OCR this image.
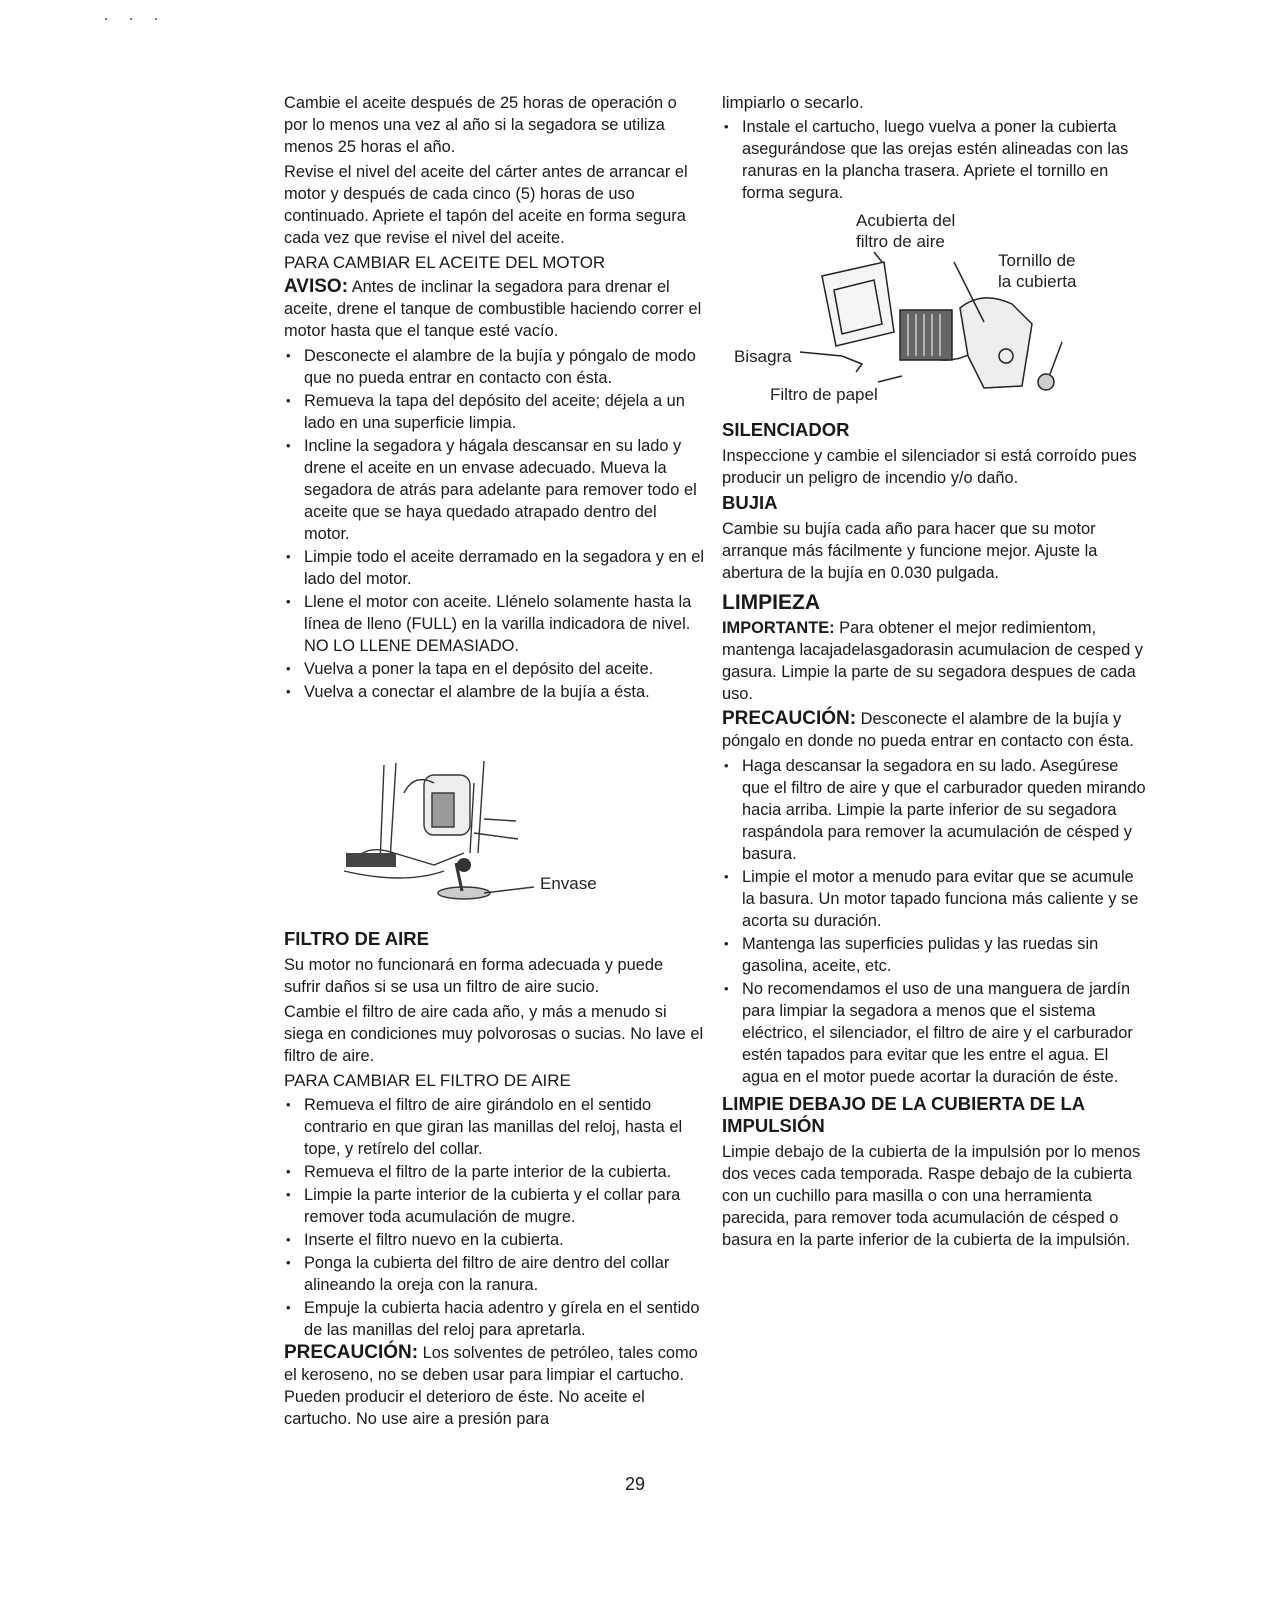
Cambie el aceite después de 25 horas de operación o por lo menos una vez al año si la segadora se utiliza menos 25 horas el año.

Revise el nivel del aceite del cárter antes de arrancar el motor y después de cada cinco (5) horas de uso continuado. Apriete el tapón del aceite en forma segura cada vez que revise el nivel del aceite.

PARA CAMBIAR EL ACEITE DEL MOTOR

AVISO: Antes de inclinar la segadora para drenar el aceite, drene el tanque de combustible haciendo correr el motor hasta que el tanque esté vacío.

• Desconecte el alambre de la bujía y póngalo de modo que no pueda entrar en contacto con ésta.
• Remueva la tapa del depósito del aceite; déjela a un lado en una superficie limpia.
• Incline la segadora y hágala descansar en su lado y drene el aceite en un envase adecuado. Mueva la segadora de atrás para adelante para remover todo el aceite que se haya quedado atrapado dentro del motor.
• Limpie todo el aceite derramado en la segadora y en el lado del motor.
• Llene el motor con aceite. Llénelo solamente hasta la línea de lleno (FULL) en la varilla indicadora de nivel. NO LO LLENE DEMASIADO.
• Vuelva a poner la tapa en el depósito del aceite.
• Vuelva a conectar el alambre de la bujía a ésta.
Envase
FILTRO DE AIRE

Su motor no funcionará en forma adecuada y puede sufrir daños si se usa un filtro de aire sucio.

Cambie el filtro de aire cada año, y más a menudo si siega en condiciones muy polvorosas o sucias. No lave el filtro de aire.

PARA CAMBIAR EL FILTRO DE AIRE
• Remueva el filtro de aire girándolo en el sentido contrario en que giran las manillas del reloj, hasta el tope, y retírelo del collar.
• Remueva el filtro de la parte interior de la cubierta.
• Limpie la parte interior de la cubierta y el collar para remover toda acumulación de mugre.
• Inserte el filtro nuevo en la cubierta.
• Ponga la cubierta del filtro de aire dentro del collar alineando la oreja con la ranura.
• Empuje la cubierta hacia adentro y gírela en el sentido de las manillas del reloj para apretarla.

PRECAUCIÓN: Los solventes de petróleo, tales como el keroseno, no se deben usar para limpiar el cartucho. Pueden producir el deterioro de éste. No aceite el cartucho. No use aire a presión para

limpiarlo o secarlo.

• Instale el cartucho, luego vuelva a poner la cubierta asegurándose que las orejas estén alineadas con las ranuras en la plancha trasera. Apriete el tornillo en forma segura.
Acubierta del filtro de aire
Tornillo de la cubierta
Bisagra
Filtro de papel
SILENCIADOR

Inspeccione y cambie el silenciador si está corroído pues producir un peligro de incendio y/o daño.

BUJIA

Cambie su bujía cada año para hacer que su motor arranque más fácilmente y funcione mejor. Ajuste la abertura de la bujía en 0.030 pulgada.

LIMPIEZA

IMPORTANTE: Para obtener el mejor redimientom, mantenga lacajadelasgadorasin acumulacion de cesped y gasura. Limpie la parte de su segadora despues de cada uso.

PRECAUCIÓN: Desconecte el alambre de la bujía y póngalo en donde no pueda entrar en contacto con ésta.

• Haga descansar la segadora en su lado. Asegúrese que el filtro de aire y que el carburador queden mirando hacia arriba. Limpie la parte inferior de su segadora raspándola para remover la acumulación de césped y basura.
• Limpie el motor a menudo para evitar que se acumule la basura. Un motor tapado funciona más caliente y se acorta su duración.
• Mantenga las superficies pulidas y las ruedas sin gasolina, aceite, etc.
• No recomendamos el uso de una manguera de jardín para limpiar la segadora a menos que el sistema eléctrico, el silenciador, el filtro de aire y el carburador estén tapados para evitar que les entre el agua. El agua en el motor puede acortar la duración de éste.
LIMPIE DEBAJO DE LA CUBIERTA DE LA IMPULSIÓN

Limpie debajo de la cubierta de la impulsión por lo menos dos veces cada temporada. Raspe debajo de la cubierta con un cuchillo para masilla o con una herramienta parecida, para remover toda acumulación de césped o basura en la parte inferior de la cubierta de la impulsión.

29
